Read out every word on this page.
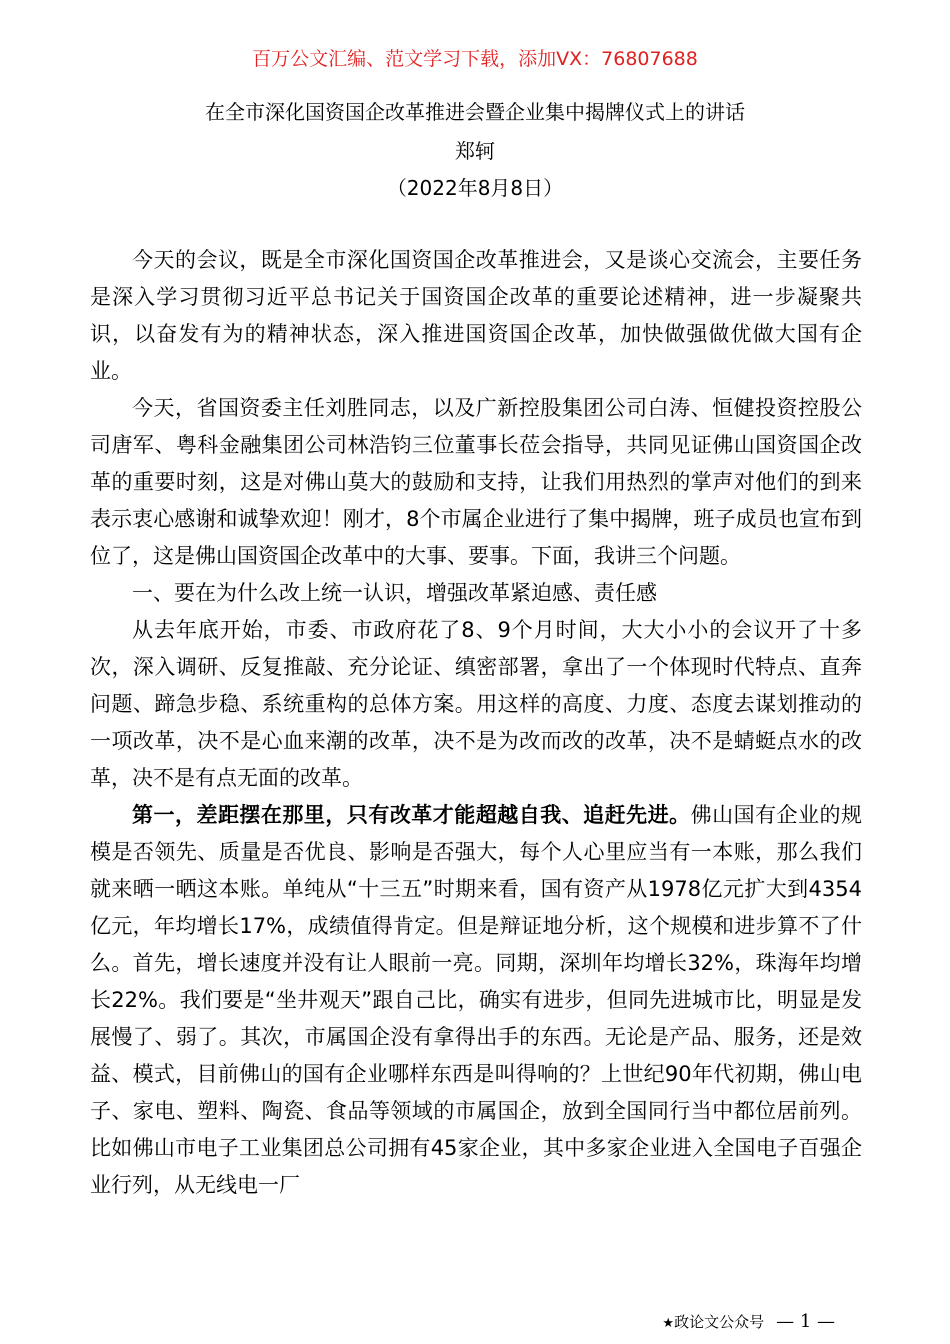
百万公文汇编、范文学习下载，添加VX：76807688
在全市深化国资国企改革推进会暨企业集中揭牌仪式上的讲话
郑轲
（2022年8月8日）

今天的会议，既是全市深化国资国企改革推进会，又是谈心交流会，主要任务是深入学习贯彻习近平总书记关于国资国企改革的重要论述精神，进一步凝聚共识，以奋发有为的精神状态，深入推进国资国企改革，加快做强做优做大国有企业。

今天，省国资委主任刘胜同志，以及广新控股集团公司白涛、恒健投资控股公司唐军、粤科金融集团公司林浩钧三位董事长莅会指导，共同见证佛山国资国企改革的重要时刻，这是对佛山莫大的鼓励和支持，让我们用热烈的掌声对他们的到来表示衷心感谢和诚挚欢迎！刚才，8个市属企业进行了集中揭牌，班子成员也宣布到位了，这是佛山国资国企改革中的大事、要事。下面，我讲三个问题。

一、要在为什么改上统一认识，增强改革紧迫感、责任感

从去年底开始，市委、市政府花了8、9个月时间，大大小小的会议开了十多次，深入调研、反复推敲、充分论证、缜密部署，拿出了一个体现时代特点、直奔问题、蹄急步稳、系统重构的总体方案。用这样的高度、力度、态度去谋划推动的一项改革，决不是心血来潮的改革，决不是为改而改的改革，决不是蜻蜓点水的改革，决不是有点无面的改革。

第一，差距摆在那里，只有改革才能超越自我、追赶先进。佛山国有企业的规模是否领先、质量是否优良、影响是否强大，每个人心里应当有一本账，那么我们就来晒一晒这本账。单纯从“十三五”时期来看，国有资产从1978亿元扩大到4354亿元，年均增长17%，成绩值得肯定。但是辩证地分析，这个规模和进步算不了什么。首先，增长速度并没有让人眼前一亮。同期，深圳年均增长32%，珠海年均增长22%。我们要是“坐井观天”跟自己比，确实有进步，但同先进城市比，明显是发展慢了、弱了。其次，市属国企没有拿得出手的东西。无论是产品、服务，还是效益、模式，目前佛山的国有企业哪样东西是叫得响的？上世纪90年代初期，佛山电子、家电、塑料、陶瓷、食品等领域的市属国企，放到全国同行当中都位居前列。比如佛山市电子工业集团总公司拥有45家企业，其中多家企业进入全国电子百强企业行列，从无线电一厂

★政论文公众号 — 1 —
